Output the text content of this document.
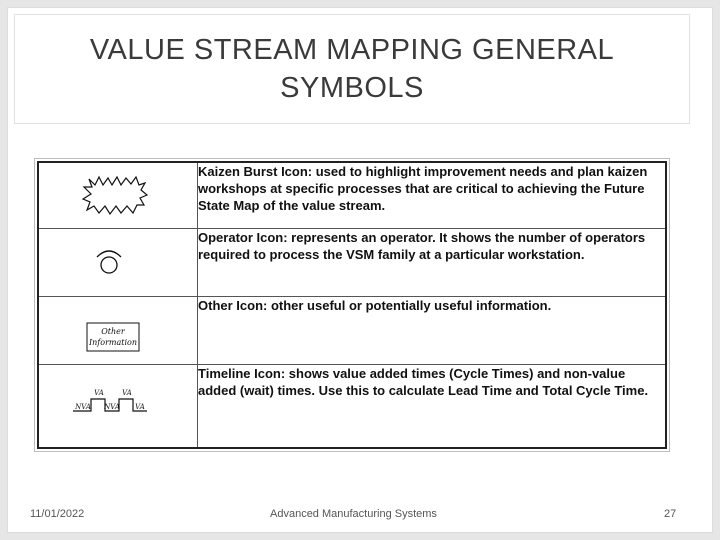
VALUE STREAM MAPPING GENERAL SYMBOLS
	Kaizen Burst Icon: used to highlight improvement needs and plan kaizen workshops at specific processes that are critical to achieving the Future State Map of the value stream.

	Operator Icon: represents an operator. It shows the number of operators required to process the VSM family at a particular workstation.

Other
Information	Other Icon: other useful or potentially useful information.

VA
NVA
VA
NVA VA	Timeline Icon: shows value added times (Cycle Times) and non-value added (wait) times. Use this to calculate Lead Time and Total Cycle Time.
11/01/2022	Advanced Manufacturing Systems	27
